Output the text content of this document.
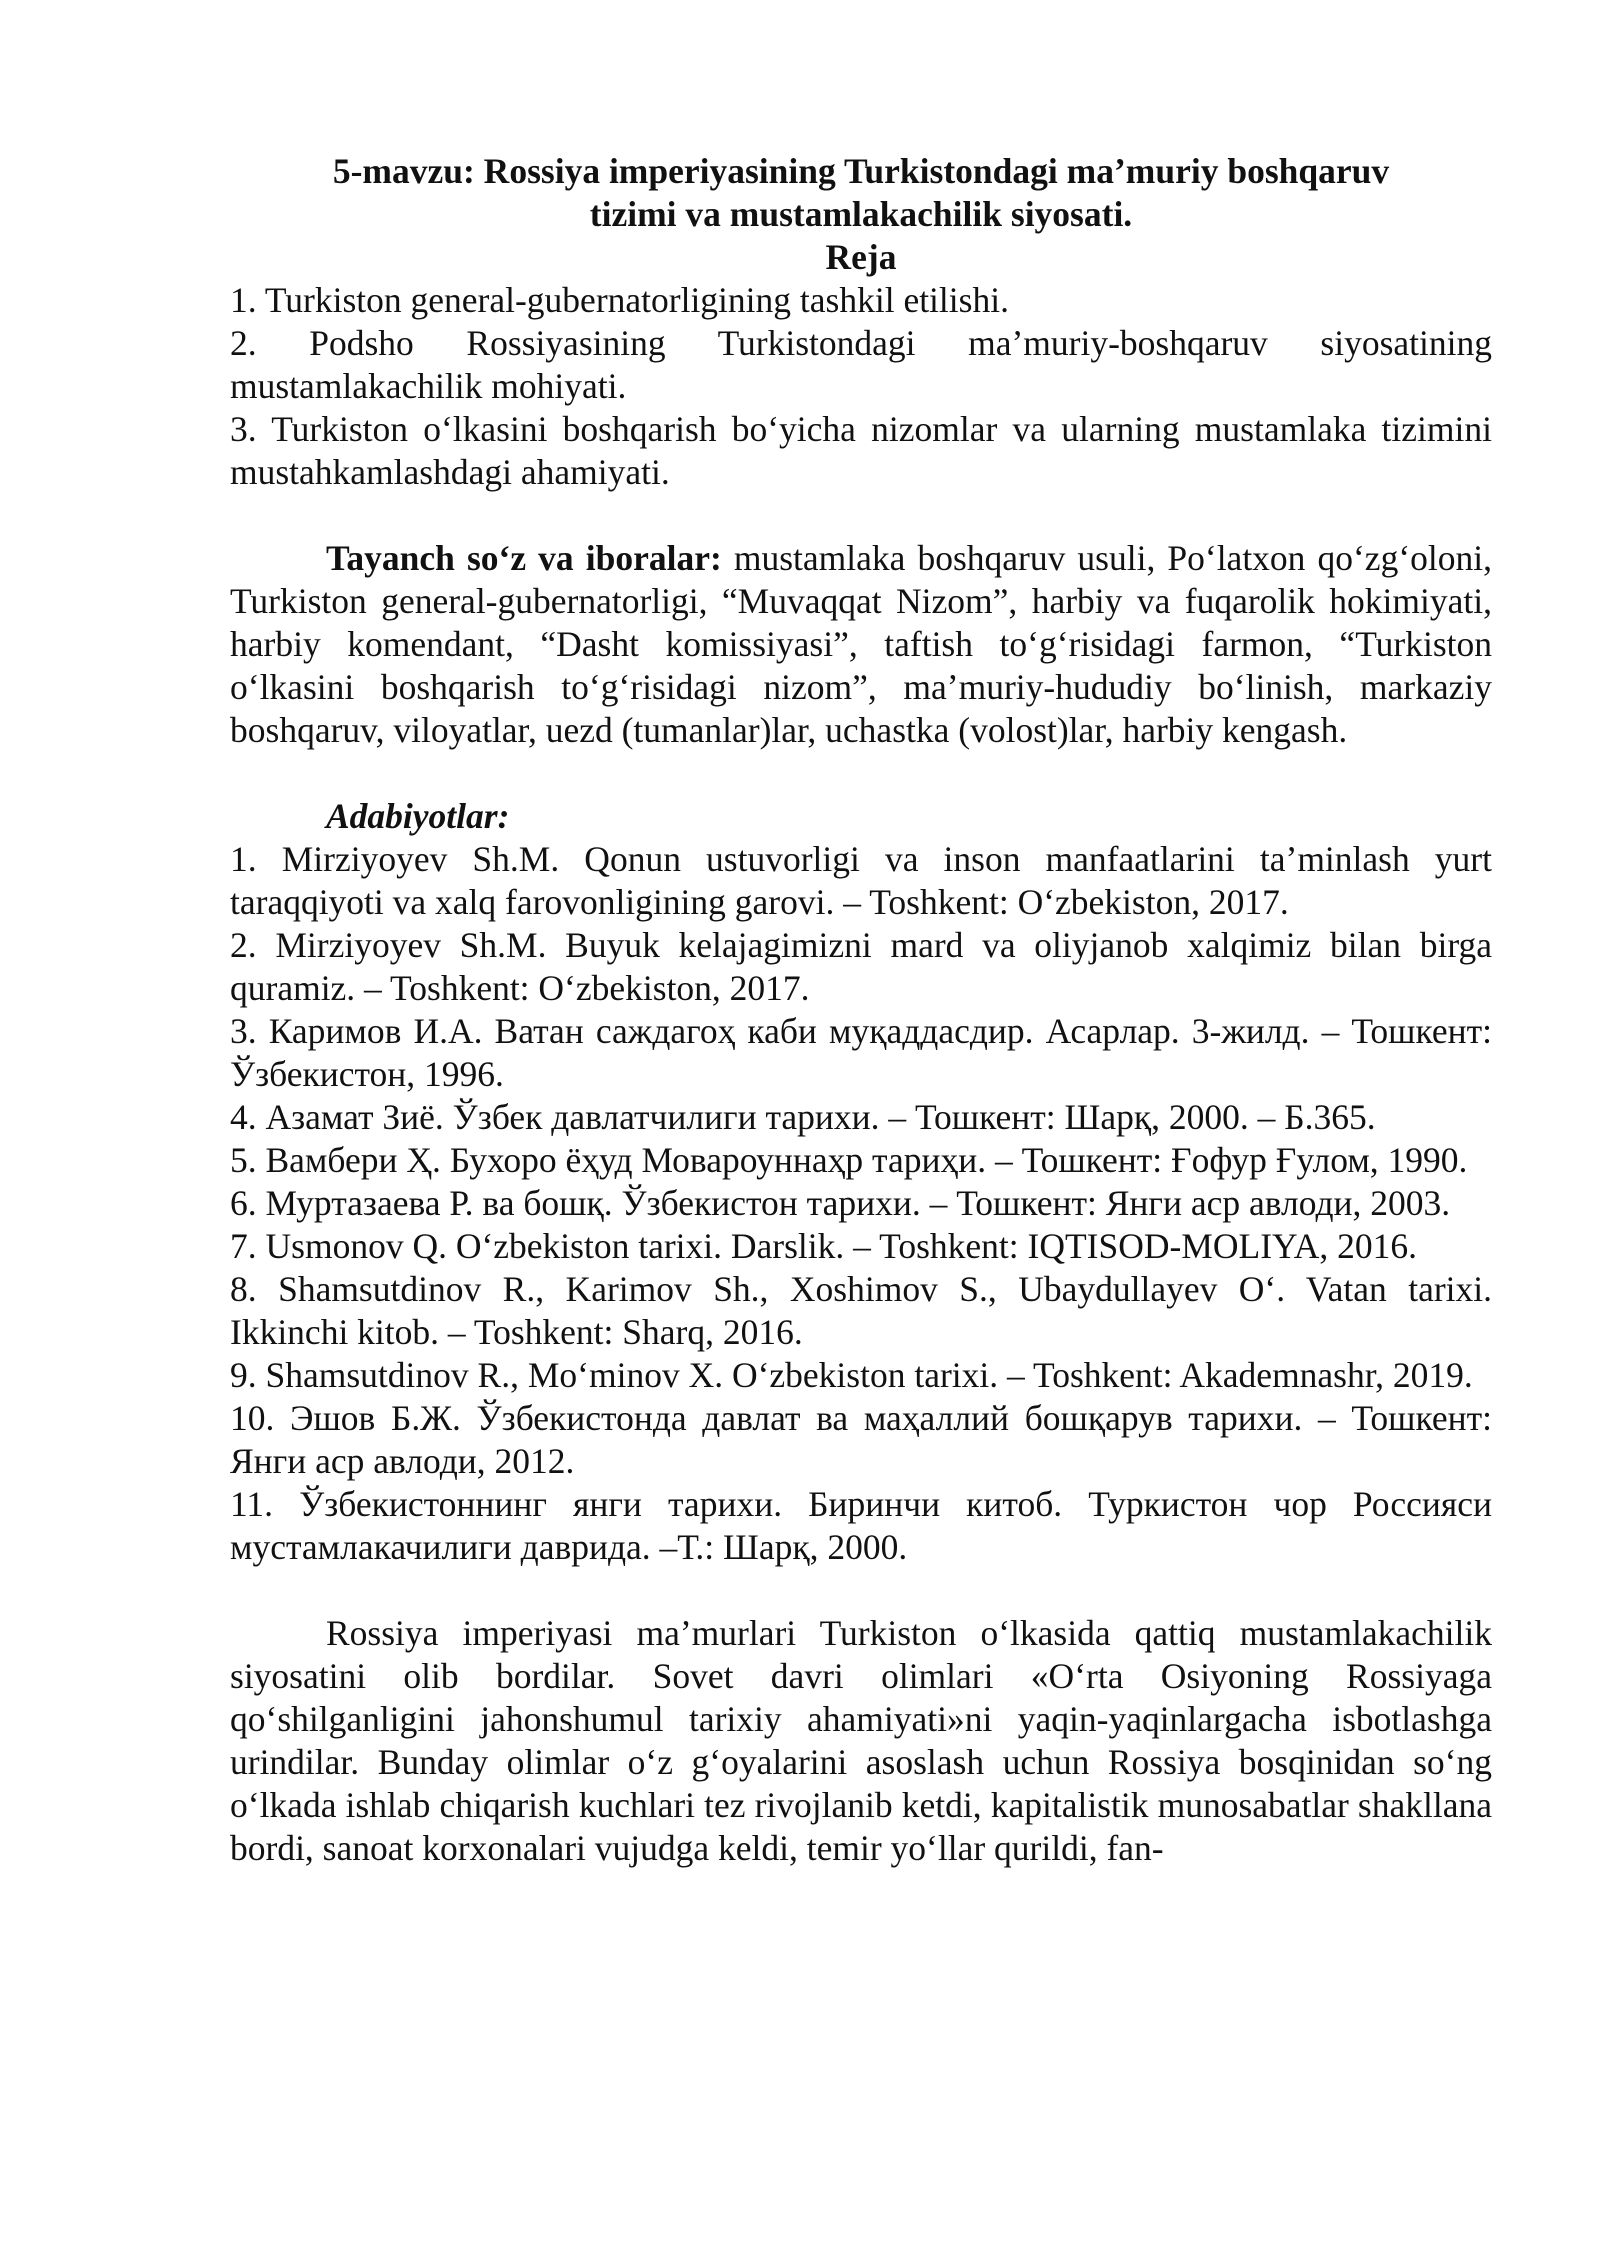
5-mavzu: Rossiya imperiyasining Turkistondagi maʼmuriy boshqaruv
tizimi va mustamlakachilik siyosati.
Reja

1. Turkiston general-gubernatorligining tashkil etilishi.

2. Podsho Rossiyasining Turkistondagi maʼmuriy-boshqaruv siyosatining mustamlakachilik mohiyati.

3. Turkiston oʻlkasini boshqarish boʻyicha nizomlar va ularning mustamlaka tizimini mustahkamlashdagi ahamiyati.

Tayanch soʻz va iboralar: mustamlaka boshqaruv usuli, Poʻlatxon qoʻzgʻoloni, Turkiston general-gubernatorligi, “Muvaqqat Nizom”, harbiy va fuqarolik hokimiyati, harbiy komendant, “Dasht komissiyasi”, taftish toʻgʻrisidagi farmon, “Turkiston oʻlkasini boshqarish toʻgʻrisidagi nizom”, maʼmuriy-hududiy boʻlinish, markaziy boshqaruv, viloyatlar, uezd (tumanlar)lar, uchastka (volost)lar, harbiy kengash.

Adabiyotlar:

1. Mirziyoyev Sh.M. Qonun ustuvorligi va inson manfaatlarini taʼminlash yurt taraqqiyoti va xalq farovonligining garovi. – Toshkent: Oʻzbekiston, 2017.

2. Mirziyoyev Sh.M. Buyuk kelajagimizni mard va oliyjanob xalqimiz bilan birga quramiz. – Toshkent: Oʻzbekiston, 2017.

3. Каримов И.А. Ватан саждагоҳ каби муқаддасдир. Асарлар. 3-жилд. – Тошкент: Ўзбекистон, 1996.

4. Азамат Зиё. Ўзбек давлатчилиги тарихи. – Тошкент: Шарқ, 2000. – Б.365.

5. Вамбери Ҳ. Бухоро ёҳуд Мовароуннаҳр тариҳи. – Тошкент: Ғофур Ғулом, 1990.

6. Муртазаева Р. ва бошқ. Ўзбекистон тарихи. – Тошкент: Янги аср авлоди, 2003.

7. Usmonov Q. Oʻzbekiston tarixi. Darslik. – Toshkent: IQTISOD-MOLIYA, 2016.

8. Shamsutdinov R., Karimov Sh., Xoshimov S., Ubaydullayev Oʻ. Vatan tarixi. Ikkinchi kitob. – Toshkent: Sharq, 2016.

9. Shamsutdinov R., Moʻminov X. Oʻzbekiston tarixi. – Toshkent: Akademnashr, 2019.

10. Эшов Б.Ж. Ўзбекистонда давлат ва маҳаллий бошқарув тарихи. – Тошкент: Янги аср авлоди, 2012.

11. Ўзбекистоннинг янги тарихи. Биринчи китоб. Туркистон чор Россияси мустамлакачилиги даврида. –Т.: Шарқ, 2000.

Rossiya imperiyasi maʼmurlari Turkiston oʻlkasida qattiq mustamlakachilik siyosatini olib bordilar. Sovet davri olimlari «Oʻrta Osiyoning Rossiyaga qoʻshilganligini jahonshumul tarixiy ahamiyati»ni yaqin-yaqinlargacha isbotlashga urindilar. Bunday olimlar oʻz gʻoyalarini asoslash uchun Rossiya bosqinidan soʻng oʻlkada ishlab chiqarish kuchlari tez rivojlanib ketdi, kapitalistik munosabatlar shakllana bordi, sanoat korxonalari vujudga keldi, temir yoʻllar qurildi, fan-
